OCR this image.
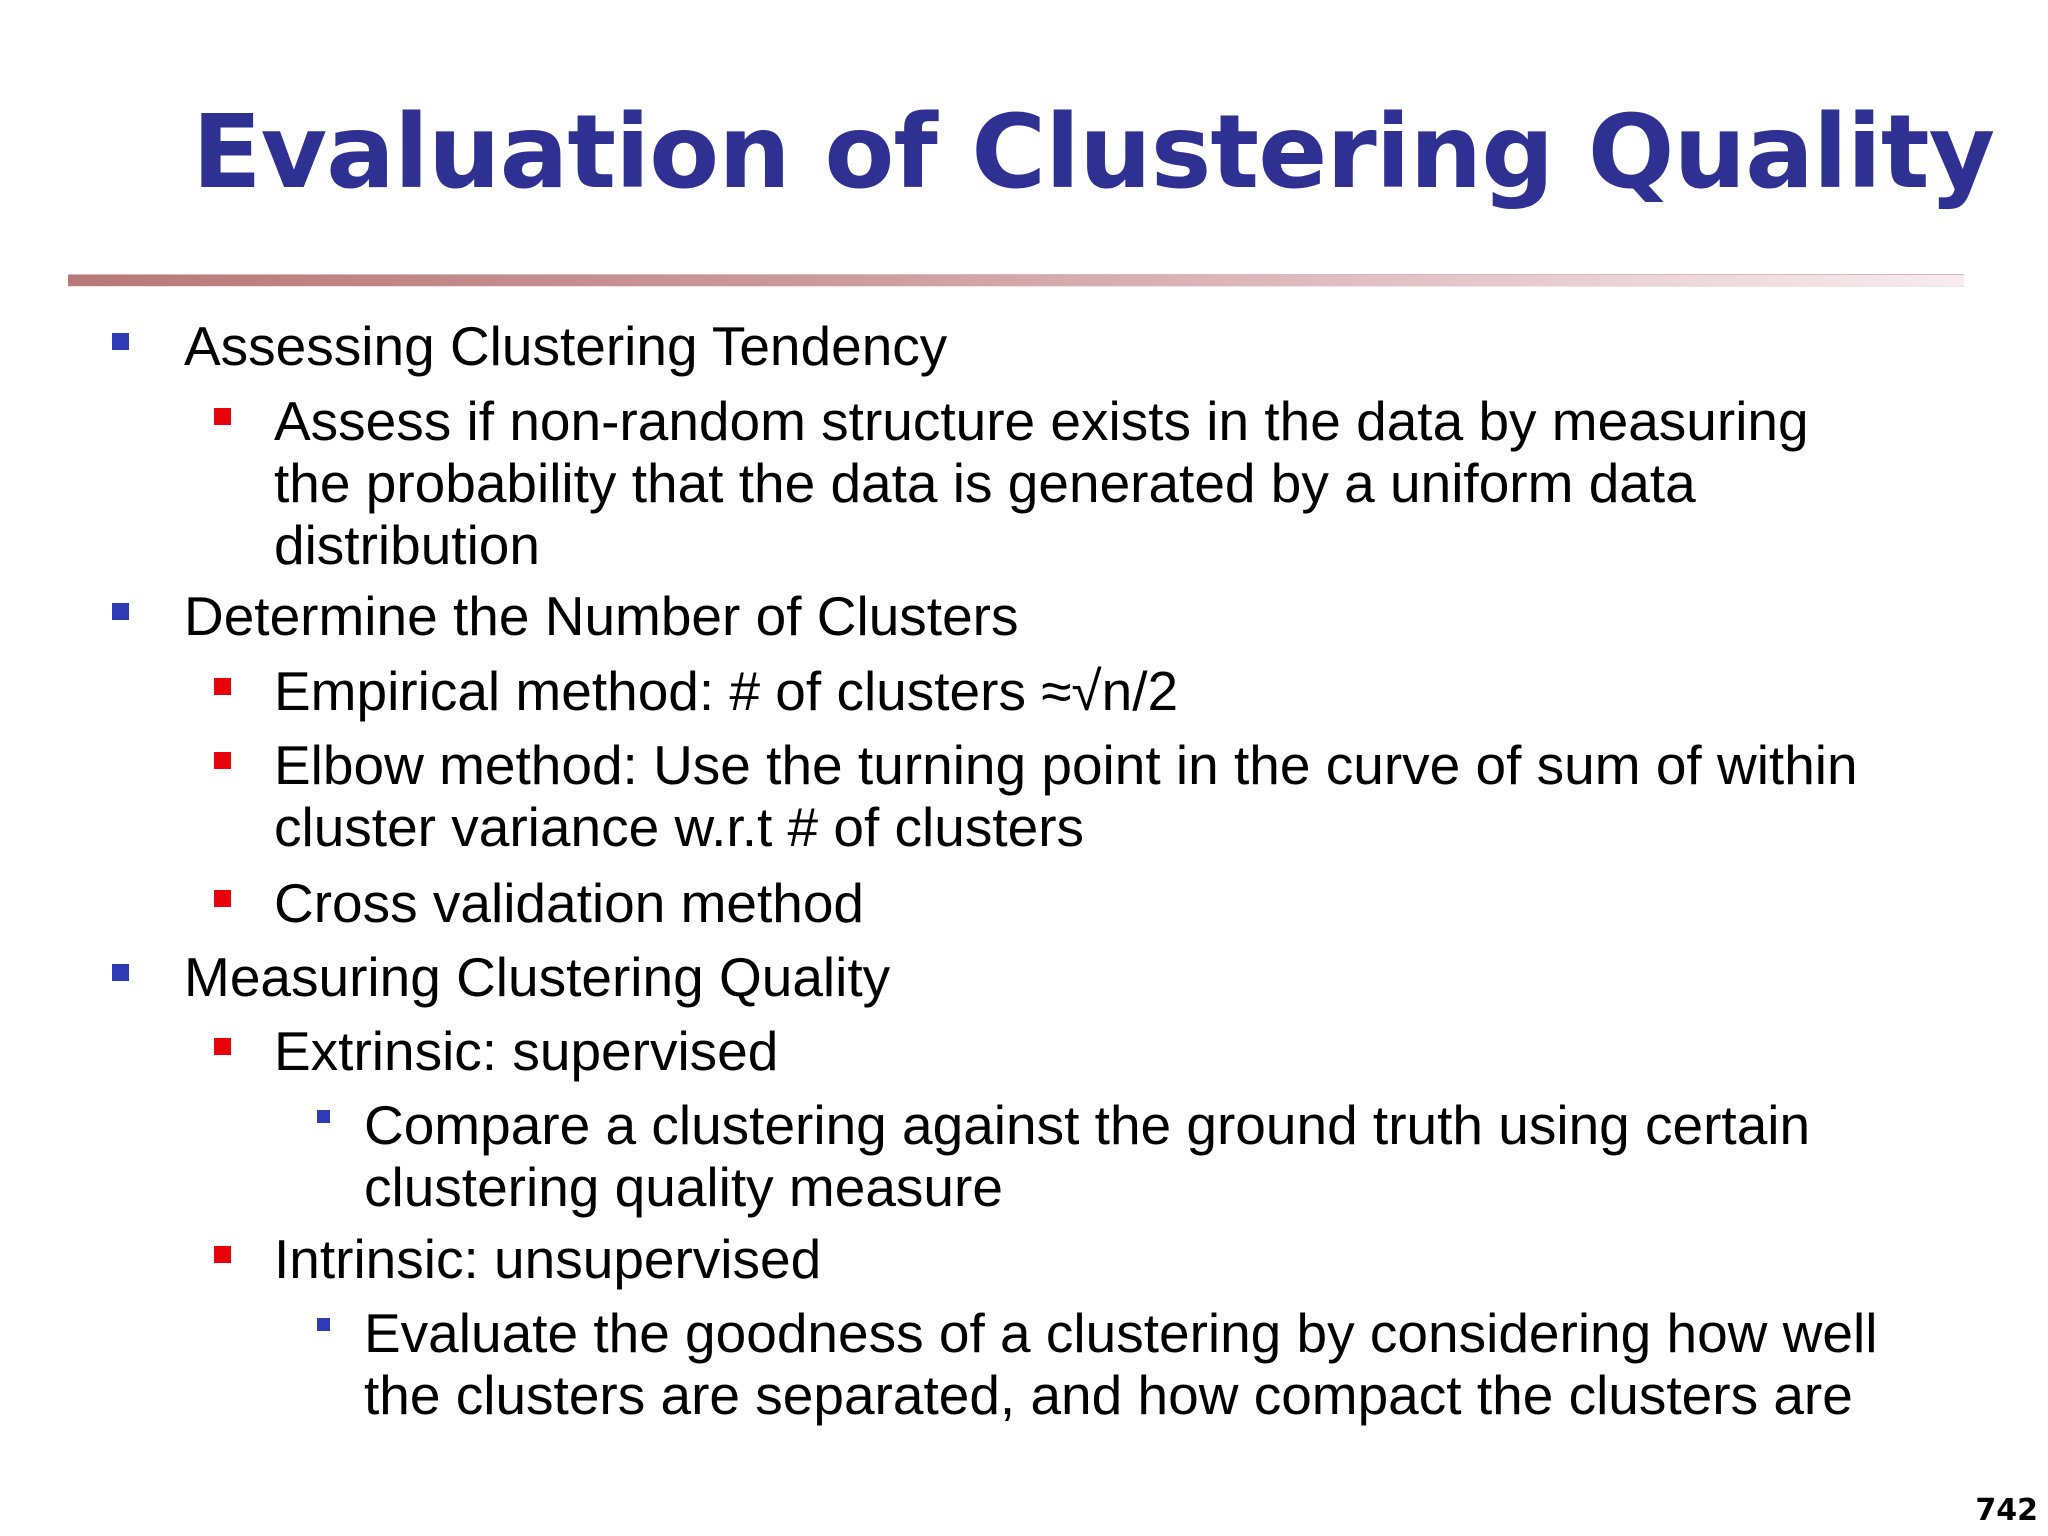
Evaluation of Clustering Quality
Assessing Clustering Tendency
Assess if non-random structure exists in the data by measuring
the probability that the data is generated by a uniform data
distribution
Determine the Number of Clusters
Empirical method: # of clusters ≈√n/2
Elbow method: Use the turning point in the curve of sum of within
cluster variance w.r.t # of clusters
Cross validation method
Measuring Clustering Quality
Extrinsic: supervised
Compare a clustering against the ground truth using certain
clustering quality measure
Intrinsic: unsupervised
Evaluate the goodness of a clustering by considering how well
the clusters are separated, and how compact the clusters are
742
